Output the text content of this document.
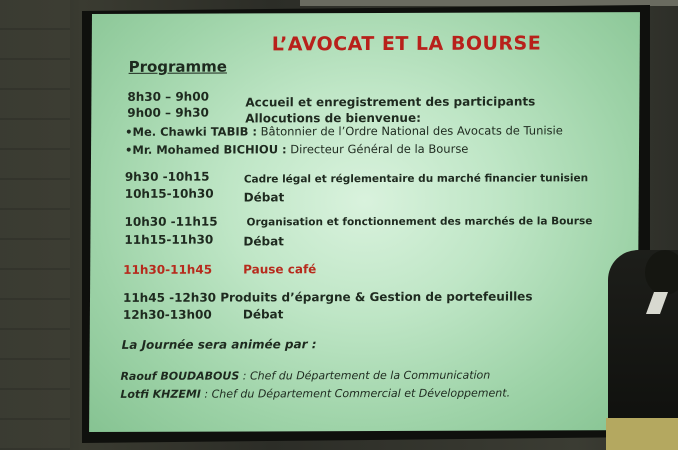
L’AVOCAT ET LA BOURSE
Programme
8h30 – 9h00	Accueil et enregistrement des participants
9h00 – 9h30	Allocutions de bienvenue:
•Me. Chawki TABIB : Bâtonnier de l’Ordre National des Avocats de Tunisie
•Mr. Mohamed BICHIOU : Directeur Général de la Bourse
9h30 -10h15	Cadre légal et réglementaire du marché financier tunisien
10h15-10h30 Débat
10h30 -11h15	Organisation et fonctionnement des marchés de la Bourse
11h15-11h30	Débat
11h30-11h45	Pause café
11h45 -12h30 Produits d’épargne & Gestion de portefeuilles
12h30-13h00	Débat
La Journée sera animée par :
Raouf BOUDABOUS : Chef du Département de la Communication
Lotfi KHZEMI : Chef du Département Commercial et Développement.
